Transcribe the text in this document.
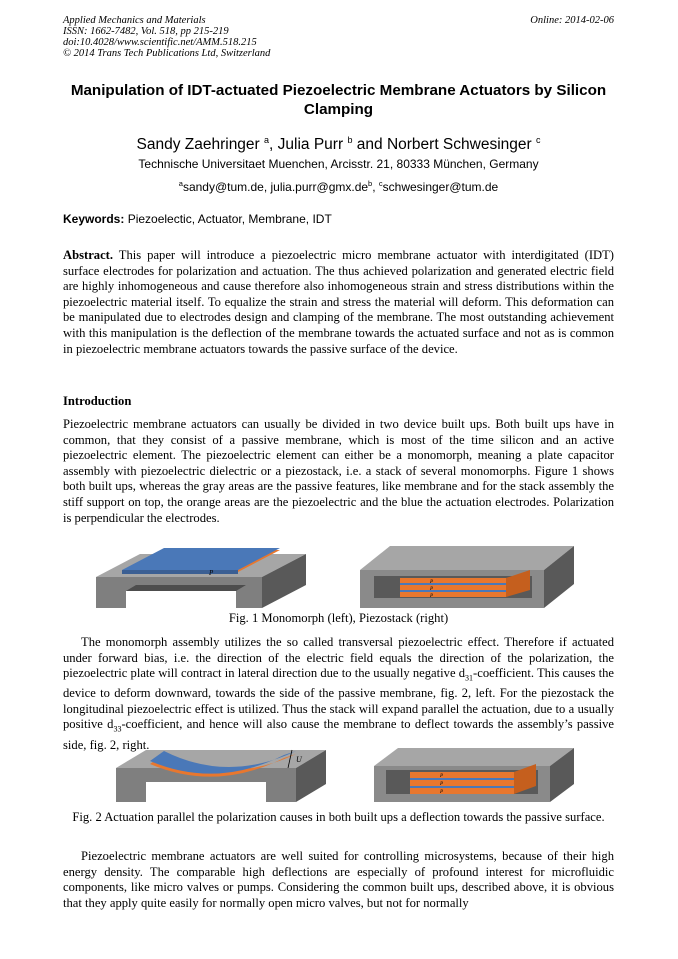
Applied Mechanics and Materials
ISSN: 1662-7482, Vol. 518, pp 215-219
doi:10.4028/www.scientific.net/AMM.518.215
© 2014 Trans Tech Publications Ltd, Switzerland
Online: 2014-02-06
Manipulation of IDT-actuated Piezoelectric Membrane Actuators by Silicon Clamping
Sandy Zaehringer $^a$, Julia Purr $^b$ and Norbert Schwesinger $^c$
Technische Universitaet Muenchen, Arcisstr. 21, 80333 München, Germany
$^a$sandy@tum.de, $julia.purr@gmx.de^b$, $^c$schwesinger@tum.de
Keywords: Piezoelectic, Actuator, Membrane, IDT
Abstract. This paper will introduce a piezoelectric micro membrane actuator with interdigitated (IDT) surface electrodes for polarization and actuation. The thus achieved polarization and generated electric field are highly inhomogeneous and cause therefore also inhomogeneous strain and stress distributions within the piezoelectric material itself. To equalize the strain and stress the material will deform. This deformation can be manipulated due to electrodes design and clamping of the membrane. The most outstanding achievement with this manipulation is the deflection of the membrane towards the actuated surface and not as is common in piezoelectric membrane actuators towards the passive surface of the device.
Introduction
Piezoelectric membrane actuators can usually be divided in two device built ups. Both built ups have in common, that they consist of a passive membrane, which is most of the time silicon and an active piezoelectric element. The piezoelectric element can either be a monomorph, meaning a plate capacitor assembly with piezoelectric dielectric or a piezostack, i.e. a stack of several monomorphs. Figure 1 shows both built ups, whereas the gray areas are the passive features, like membrane and for the stack assembly the stiff support on top, the orange areas are the piezoelectric and the blue the actuation electrodes. Polarization is perpendicular the electrodes.
P
P
P
P
Fig. 1 Monomorph (left), Piezostack (right)
The monomorph assembly utilizes the so called transversal piezoelectric effect. Therefore if actuated under forward bias, i.e. the direction of the electric field equals the direction of the polarization, the piezoelectric plate will contract in lateral direction due to the usually negative $d_{31}$-coefficient. This causes the device to deform downward, towards the side of the passive membrane, fig. 2, left. For the piezostack the longitudinal piezoelectric effect is utilized. Thus the stack will expand parallel the actuation, due to a usually positive $d_{33}$-coefficient, and hence will also cause the membrane to deflect towards the assembly’s passive side, fig. 2, right.
U
P
P
P
Fig. 2 Actuation parallel the polarization causes in both built ups a deflection towards the passive surface.
Piezoelectric membrane actuators are well suited for controlling microsystems, because of their high energy density. The comparable high deflections are especially of profound interest for microfluidic components, like micro valves or pumps. Considering the common built ups, described above, it is obvious that they apply quite easily for normally open micro valves, but not for normally
